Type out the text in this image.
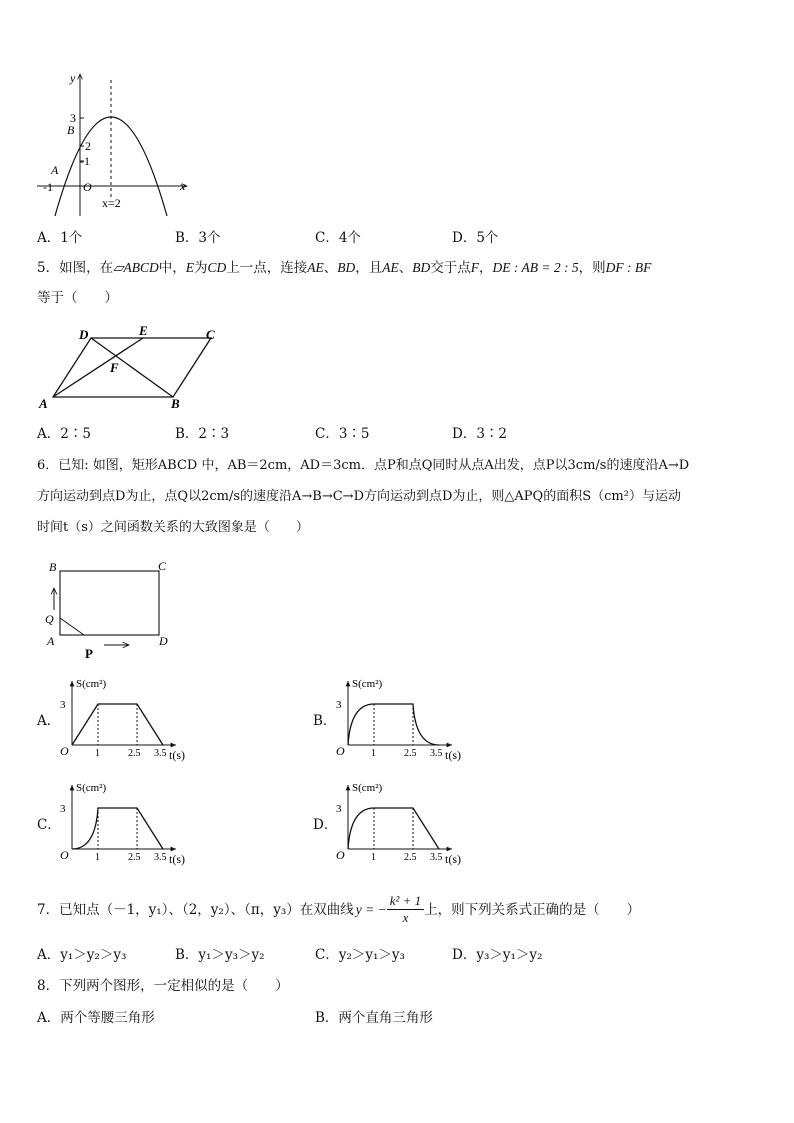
y
x
O
B
A
3
2
-1
-1
x=2
A．1个	B．3个	C．4个	D．5个
5．如图，在▱ABCD中，E为CD上一点，连接AE、BD，且AE、BD交于点F，DE : AB = 2 : 5，则DF : BF
等于（　　）
D	E	C
F
A	B
A．2∶5	B．2∶3	C．3∶5	D．3∶2
6．已知: 如图，矩形ABCD 中，AB＝2cm，AD＝3cm．点P和点Q同时从点A出发，点P以3cm/s的速度沿A→D
方向运动到点D为止，点Q以2cm/s的速度沿A→B→C→D方向运动到点D为止，则△APQ的面积S（cm²）与运动
时间t（s）之间函数关系的大致图象是（　　）
B	C
Q
A	D
P
A．	B．
C．	D．
S(cm²)
3
O	1	2.5 3.5 t(s)
S(cm²)
3
O	1	2.5 3.5 t(s)
S(cm²)
3
O	1	2.5 3.5 t(s)
S(cm²)
3
O	1	2.5 3.5 t(s)
7．已知点（－1，y₁）、（2，y₂）、（π，y₃）在双曲线 y = − $\frac{\text{k² + 1}}{x}$ 上，则下列关系式正确的是（　　）
A．y₁＞y₂＞y₃	B．y₁＞y₃＞y₂	C．y₂＞y₁＞y₃	D．y₃＞y₁＞y₂
8．下列两个图形，一定相似的是（　　）
A．两个等腰三角形	B．两个直角三角形
